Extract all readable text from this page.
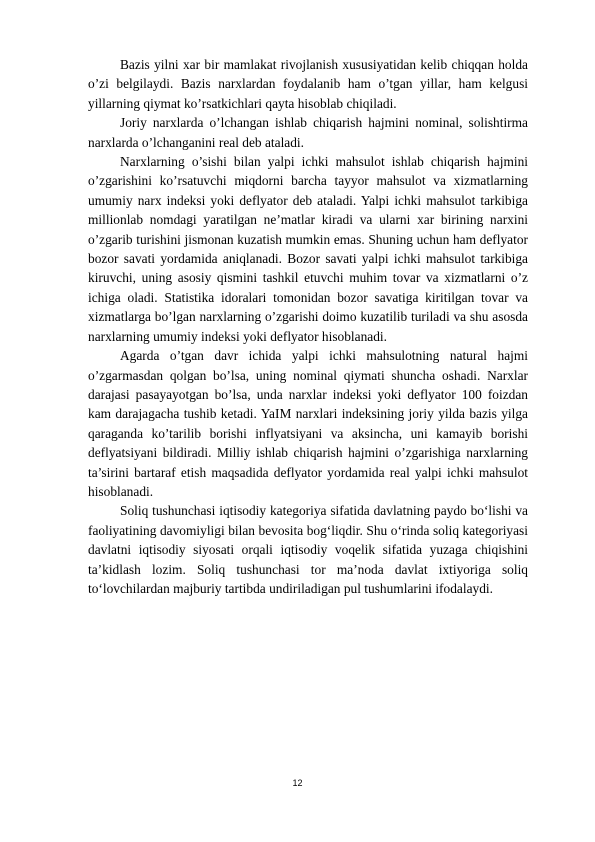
Bazis yilni xar bir mamlakat rivojlanish xususiyatidan kelib chiqqan holda o’zi belgilaydi. Bazis narxlardan foydalanib ham o’tgan yillar, ham kelgusi yillarning qiymat ko’rsatkichlari qayta hisoblab chiqiladi.

Joriy narxlarda o’lchangan ishlab chiqarish hajmini nominal, solishtirma narxlarda o’lchanganini real deb ataladi.

Narxlarning o’sishi bilan yalpi ichki mahsulot ishlab chiqarish hajmini o’zgarishini ko’rsatuvchi miqdorni barcha tayyor mahsulot va xizmatlarning umumiy narx indeksi yoki deflyator deb ataladi. Yalpi ichki mahsulot tarkibiga millionlab nomdagi yaratilgan ne’matlar kiradi va ularni xar birining narxini o’zgarib turishini jismonan kuzatish mumkin emas. Shuning uchun ham deflyator bozor savati yordamida aniqlanadi. Bozor savati yalpi ichki mahsulot tarkibiga kiruvchi, uning asosiy qismini tashkil etuvchi muhim tovar va xizmatlarni o’z ichiga oladi. Statistika idoralari tomonidan bozor savatiga kiritilgan tovar va xizmatlarga bo’lgan narxlarning o’zgarishi doimo kuzatilib turiladi va shu asosda narxlarning umumiy indeksi yoki deflyator hisoblanadi.

Agarda o’tgan davr ichida yalpi ichki mahsulotning natural hajmi o’zgarmasdan qolgan bo’lsa, uning nominal qiymati shuncha oshadi. Narxlar darajasi pasayayotgan bo’lsa, unda narxlar indeksi yoki deflyator 100 foizdan kam darajagacha tushib ketadi. YaIM narxlari indeksining joriy yilda bazis yilga qaraganda ko’tarilib borishi inflyatsiyani va aksincha, uni kamayib borishi deflyatsiyani bildiradi. Milliy ishlab chiqarish hajmini o’zgarishiga narxlarning ta’sirini bartaraf etish maqsadida deflyator yordamida real yalpi ichki mahsulot hisoblanadi.

Soliq tushunchasi iqtisodiy kategoriya sifatida davlatning paydo bo‘lishi va faoliyatining davomiyligi bilan bevosita bog‘liqdir. Shu o‘rinda soliq kategoriyasi davlatni iqtisodiy siyosati orqali iqtisodiy voqelik sifatida yuzaga chiqishini ta’kidlash lozim. Soliq tushunchasi tor ma’noda davlat ixtiyoriga soliq to‘lovchilardan majburiy tartibda undiriladigan pul tushumlarini ifodalaydi.

12
